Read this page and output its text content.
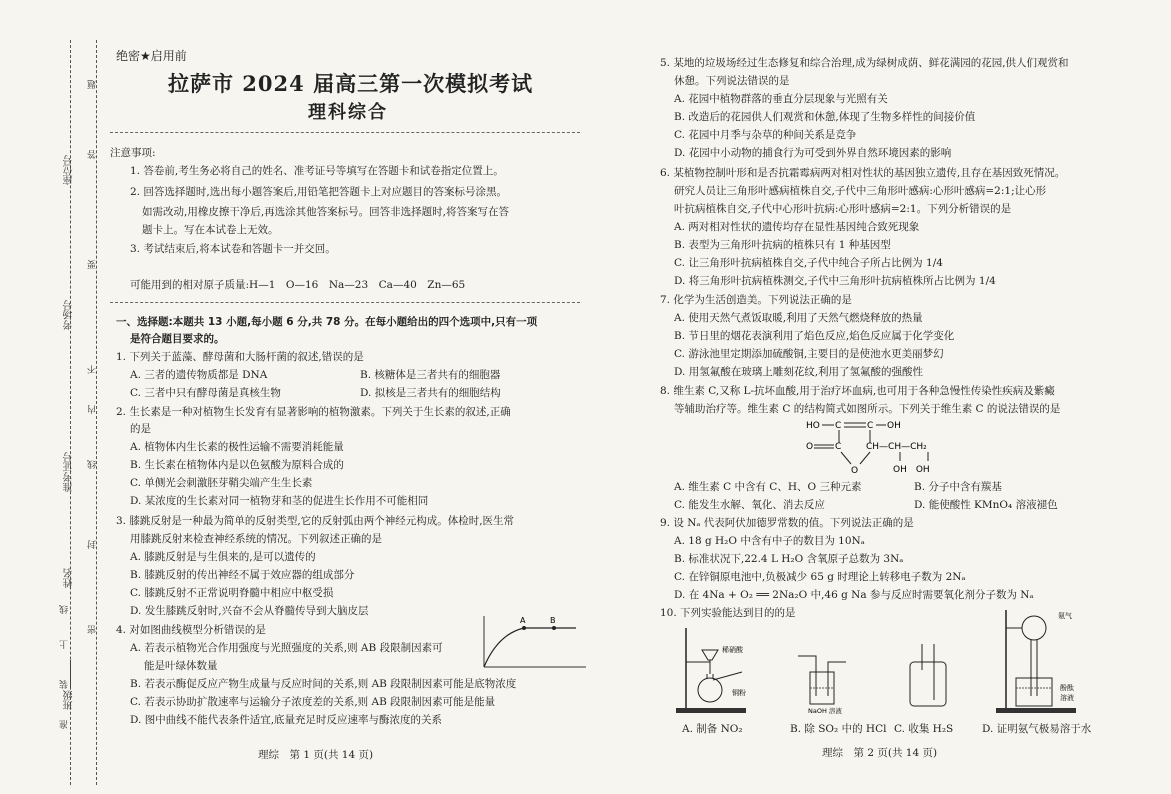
班级
姓名
准考证号
考场号
座位号
密
封
线
内
不
要
答
题
上
线
装
准
绝密★启用前
拉萨市 2024 届高三第一次模拟考试
理科综合
注意事项:
1. 答卷前,考生务必将自己的姓名、准考证号等填写在答题卡和试卷指定位置上。
2. 回答选择题时,选出每小题答案后,用铅笔把答题卡上对应题目的答案标号涂黑。
如需改动,用橡皮擦干净后,再选涂其他答案标号。回答非选择题时,将答案写在答
题卡上。写在本试卷上无效。
3. 考试结束后,将本试卷和答题卡一并交回。
可能用到的相对原子质量:H—1　O—16　Na—23　Ca—40　Zn—65
一、选择题:本题共 13 小题,每小题 6 分,共 78 分。在每小题给出的四个选项中,只有一项
是符合题目要求的。
1. 下列关于蓝藻、酵母菌和大肠杆菌的叙述,错误的是
A. 三者的遗传物质都是 DNA	B. 核糖体是三者共有的细胞器
C. 三者中只有酵母菌是真核生物	D. 拟核是三者共有的细胞结构
2. 生长素是一种对植物生长发育有显著影响的植物激素。下列关于生长素的叙述,正确
的是
A. 植物体内生长素的极性运输不需要消耗能量
B. 生长素在植物体内是以色氨酸为原料合成的
C. 单侧光会刺激胚芽鞘尖端产生生长素
D. 某浓度的生长素对同一植物芽和茎的促进生长作用不可能相同
3. 膝跳反射是一种最为简单的反射类型,它的反射弧由两个神经元构成。体检时,医生常
用膝跳反射来检查神经系统的情况。下列叙述正确的是
A. 膝跳反射是与生俱来的,是可以遗传的
B. 膝跳反射的传出神经不属于效应器的组成部分
C. 膝跳反射不正常说明脊髓中相应中枢受损
D. 发生膝跳反射时,兴奋不会从脊髓传导到大脑皮层
4. 对如图曲线模型分析错误的是
A. 若表示植物光合作用强度与光照强度的关系,则 AB 段限制因素可
能是叶绿体数量
B. 若表示酶促反应产物生成量与反应时间的关系,则 AB 段限制因素可能是底物浓度
C. 若表示协助扩散速率与运输分子浓度差的关系,则 AB 段限制因素可能是能量
D. 图中曲线不能代表条件适宜,底量充足时反应速率与酶浓度的关系
A	B
理综　第 1 页(共 14 页)
5. 某地的垃圾场经过生态修复和综合治理,成为绿树成荫、鲜花满园的花园,供人们观赏和
休憩。下列说法错误的是
A. 花园中植物群落的垂直分层现象与光照有关
B. 改造后的花园供人们观赏和休憩,体现了生物多样性的间接价值
C. 花园中月季与杂草的种间关系是竞争
D. 花园中小动物的捕食行为可受到外界自然环境因素的影响
6. 某植物控制叶形和是否抗霜霉病两对相对性状的基因独立遗传,且存在基因致死情况。
研究人员让三角形叶感病植株自交,子代中三角形叶感病:心形叶感病=2:1;让心形
叶抗病植株自交,子代中心形叶抗病:心形叶感病=2:1。下列分析错误的是
A. 两对相对性状的遗传均存在显性基因纯合致死现象
B. 表型为三角形叶抗病的植株只有 1 种基因型
C. 让三角形叶抗病植株自交,子代中纯合子所占比例为 1/4
D. 将三角形叶抗病植株测交,子代中三角形叶抗病植株所占比例为 1/4
7. 化学为生活创造美。下列说法正确的是
A. 使用天然气煮饭取暖,利用了天然气燃烧释放的热量
B. 节日里的烟花表演利用了焰色反应,焰色反应属于化学变化
C. 游泳池里定期添加硫酸铜,主要目的是使池水更美丽梦幻
D. 用氢氟酸在玻璃上雕刻花纹,利用了氢氟酸的强酸性
8. 维生素 C,又称 L-抗坏血酸,用于治疗坏血病,也可用于各种急慢性传染性疾病及紫癜
等辅助治疗等。维生素 C 的结构简式如图所示。下列关于维生素 C 的说法错误的是
HO C	C OH
O C	CH—CH—CH₂
O	OH　OH
A. 维生素 C 中含有 C、H、O 三种元素	B. 分子中含有羰基
C. 能发生水解、氧化、消去反应	D. 能使酸性 KMnO₄ 溶液褪色
9. 设 Nₐ 代表阿伏加德罗常数的值。下列说法正确的是
A. 18 g H₂O 中含有中子的数目为 10Nₐ
B. 标准状况下,22.4 L H₂O 含氧原子总数为 3Nₐ
C. 在锌铜原电池中,负极减少 65 g 时理论上转移电子数为 2Nₐ
D. 在 4Na + O₂ ══ 2Na₂O 中,46 g Na 参与反应时需要氧化剂分子数为 Nₐ
10. 下列实验能达到目的的是
稀硝酸
铜粉
NaOH 溶液
氨气
酚酞
溶液
A. 制备 NO₂	B. 除 SO₂ 中的 HCl C. 收集 H₂S	D. 证明氨气极易溶于水
理综　第 2 页(共 14 页)
